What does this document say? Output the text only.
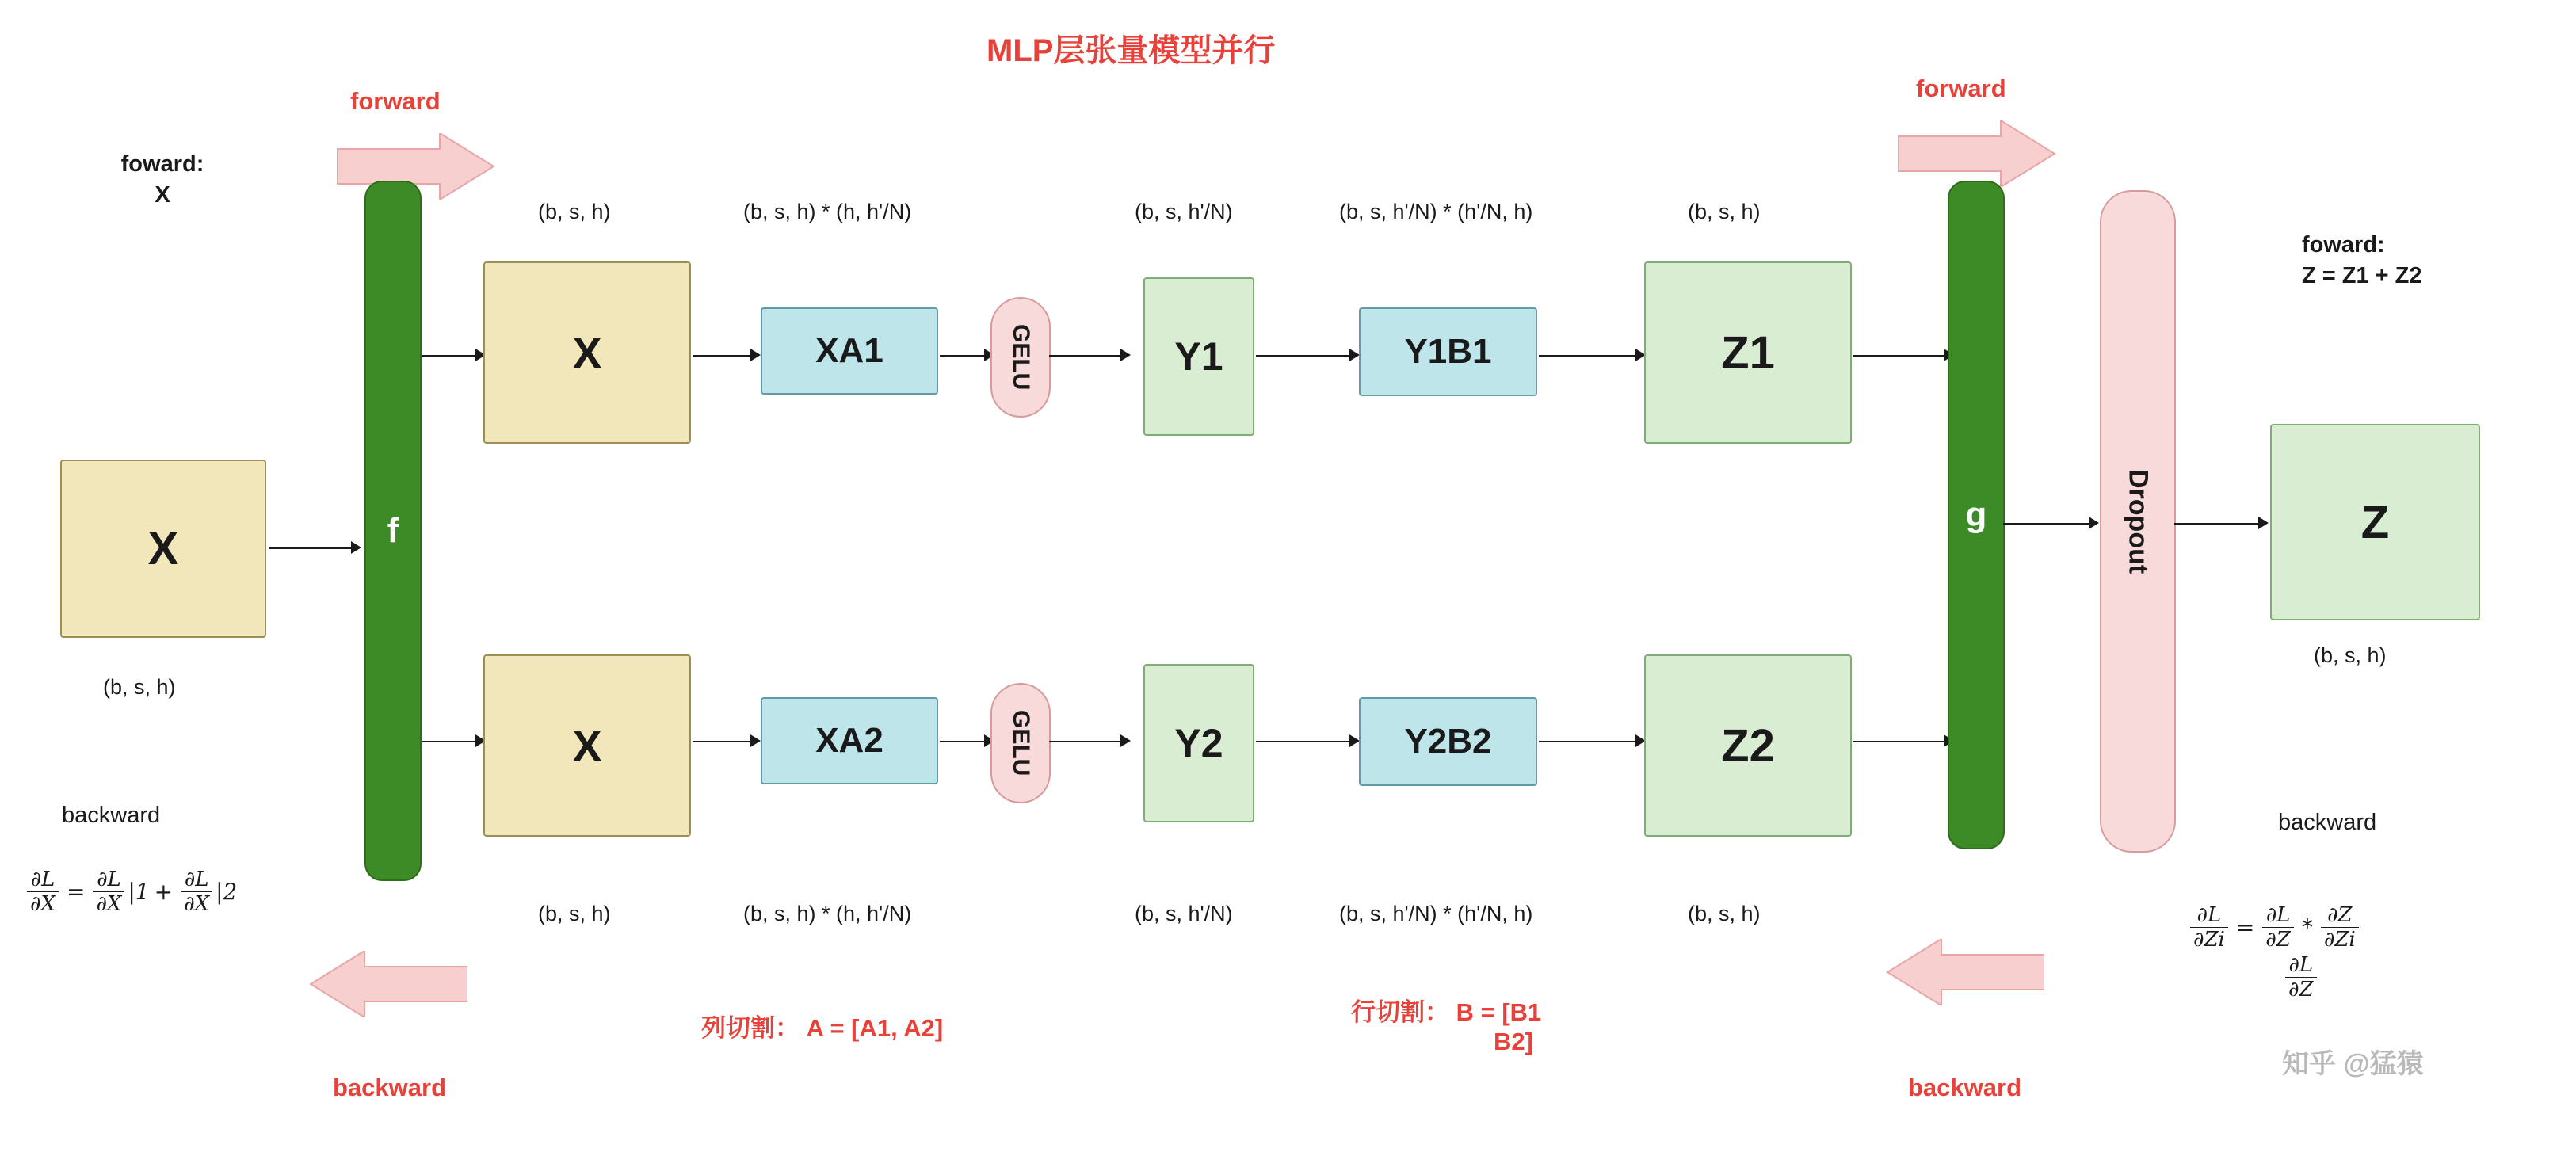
MLP层张量模型并行
forward
foward:
X
forward
foward:
Z = Z1 + Z2
X
(b, s, h)
f
(b, s, h)
X
(b, s, h) * (h, h'/N)
XA1	GELU
(b, s, h'/N)
Y1
(b, s, h'/N) * (h'/N, h)
Y1B1
(b, s, h)
Z1
X
(b, s, h)
XA2
(b, s, h) * (h, h'/N)
GELU	Y2
(b, s, h'/N)
Y2B2
(b, s, h'/N) * (h'/N, h)
Z2
(b, s, h)
g	Dropout	Z
(b, s, h)
backward
$\frac{\partial L}{\partial X} = \frac{\partial L}{\partial X} |1 + \frac{\partial L}{\partial X} |2$
backward
列切割： A = [A1, A2]
行切割： B = [B1
B2]
backward
backward
$\frac{\partial L}{\partial Zi} = \frac{\partial L}{\partial Z} * \frac{\partial Z}{\partial Zi}$
$\frac{\partial L}{\partial Z}$
知乎 @猛猿
